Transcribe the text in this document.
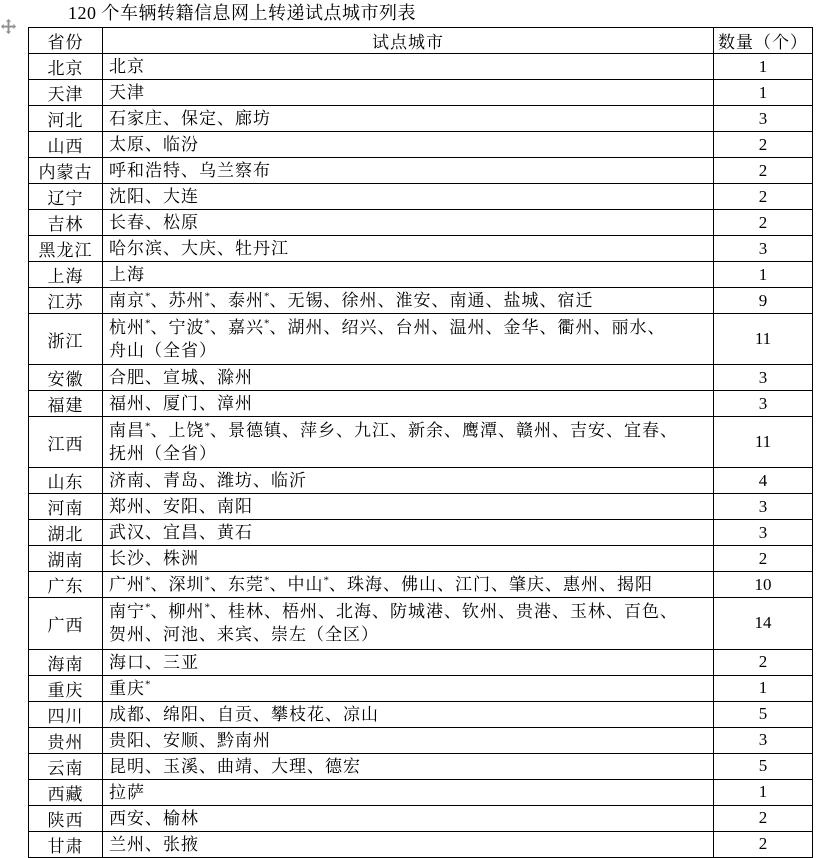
120 个车辆转籍信息网上转递试点城市列表
省份	试点城市	数量（个）
北京	北京	1
天津	天津	1
河北	石家庄、保定、廊坊	3
山西	太原、临汾	2
内蒙古	呼和浩特、乌兰察布	2
辽宁	沈阳、大连	2
吉林	长春、松原	2
黑龙江	哈尔滨、大庆、牡丹江	3
上海	上海	1
江苏	南京*、苏州*、泰州*、无锡、徐州、淮安、南通、盐城、宿迁	9
浙江	杭州*、宁波*、嘉兴*、湖州、绍兴、台州、温州、金华、衢州、丽水、
舟山（全省）	11
安徽	合肥、宣城、滁州	3
福建	福州、厦门、漳州	3
江西	南昌*、上饶*、景德镇、萍乡、九江、新余、鹰潭、赣州、吉安、宜春、
抚州（全省）	11
山东	济南、青岛、潍坊、临沂	4
河南	郑州、安阳、南阳	3
湖北	武汉、宜昌、黄石	3
湖南	长沙、株洲	2
广东	广州*、深圳*、东莞*、中山*、珠海、佛山、江门、肇庆、惠州、揭阳	10
广西	南宁*、柳州*、桂林、梧州、北海、防城港、钦州、贵港、玉林、百色、
贺州、河池、来宾、崇左（全区）	14
海南	海口、三亚	2
重庆	重庆*	1
四川	成都、绵阳、自贡、攀枝花、凉山	5
贵州	贵阳、安顺、黔南州	3
云南	昆明、玉溪、曲靖、大理、德宏	5
西藏	拉萨	1
陕西	西安、榆林	2
甘肃	兰州、张掖	2
